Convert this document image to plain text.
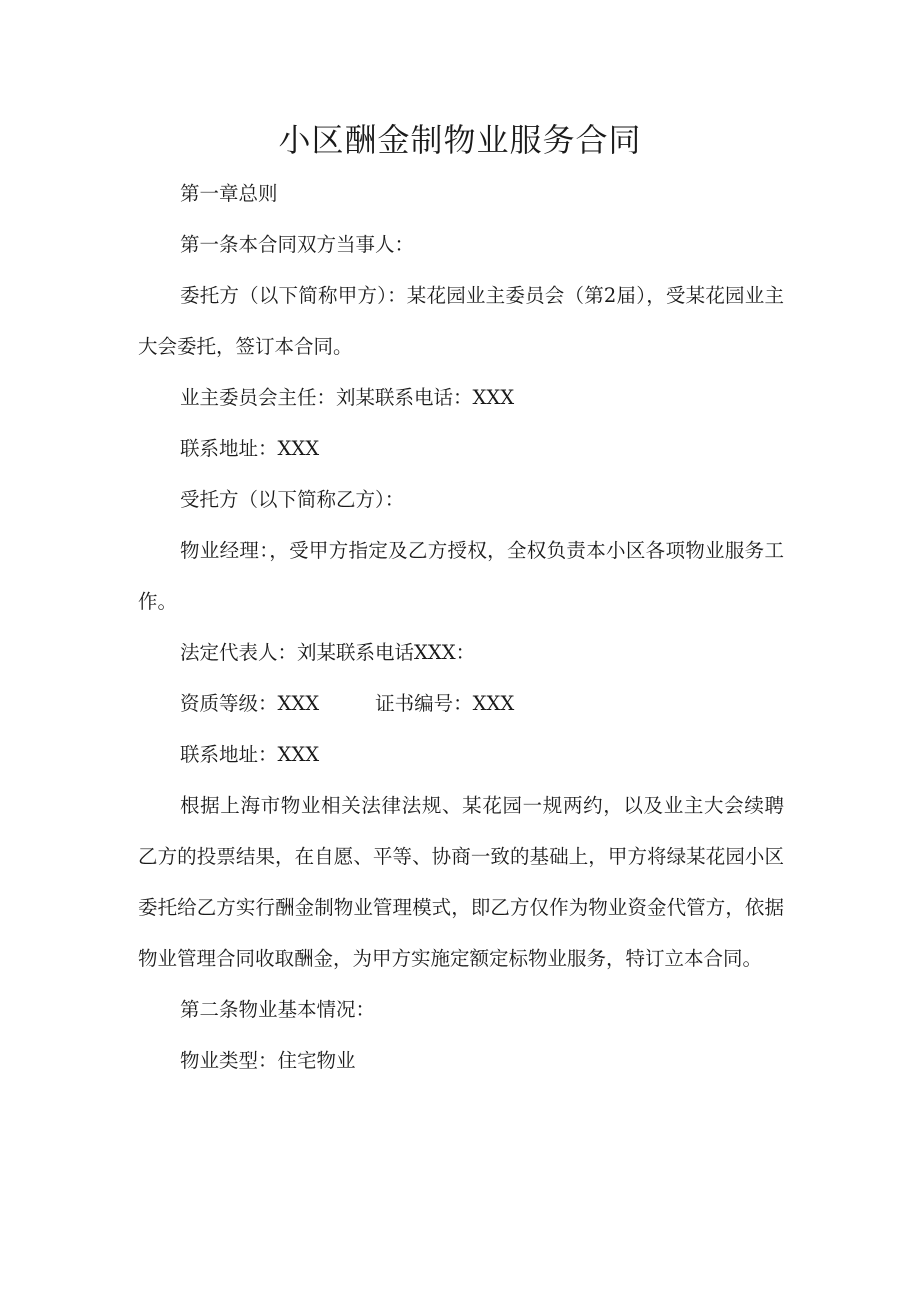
小区酬金制物业服务合同

第一章总则

第一条本合同双方当事人：

委托方（以下简称甲方）：某花园业主委员会（第2届），受某花园业主大会委托，签订本合同。

业主委员会主任：刘某联系电话：XXX

联系地址：XXX

受托方（以下简称乙方）：

物业经理：，受甲方指定及乙方授权，全权负责本小区各项物业服务工作。

法定代表人：刘某联系电话XXX：

资质等级：XXX	证书编号：XXX

联系地址：XXX

根据上海市物业相关法律法规、某花园一规两约，以及业主大会续聘乙方的投票结果，在自愿、平等、协商一致的基础上，甲方将绿某花园小区委托给乙方实行酬金制物业管理模式，即乙方仅作为物业资金代管方，依据物业管理合同收取酬金，为甲方实施定额定标物业服务，特订立本合同。

第二条物业基本情况：

物业类型：住宅物业
